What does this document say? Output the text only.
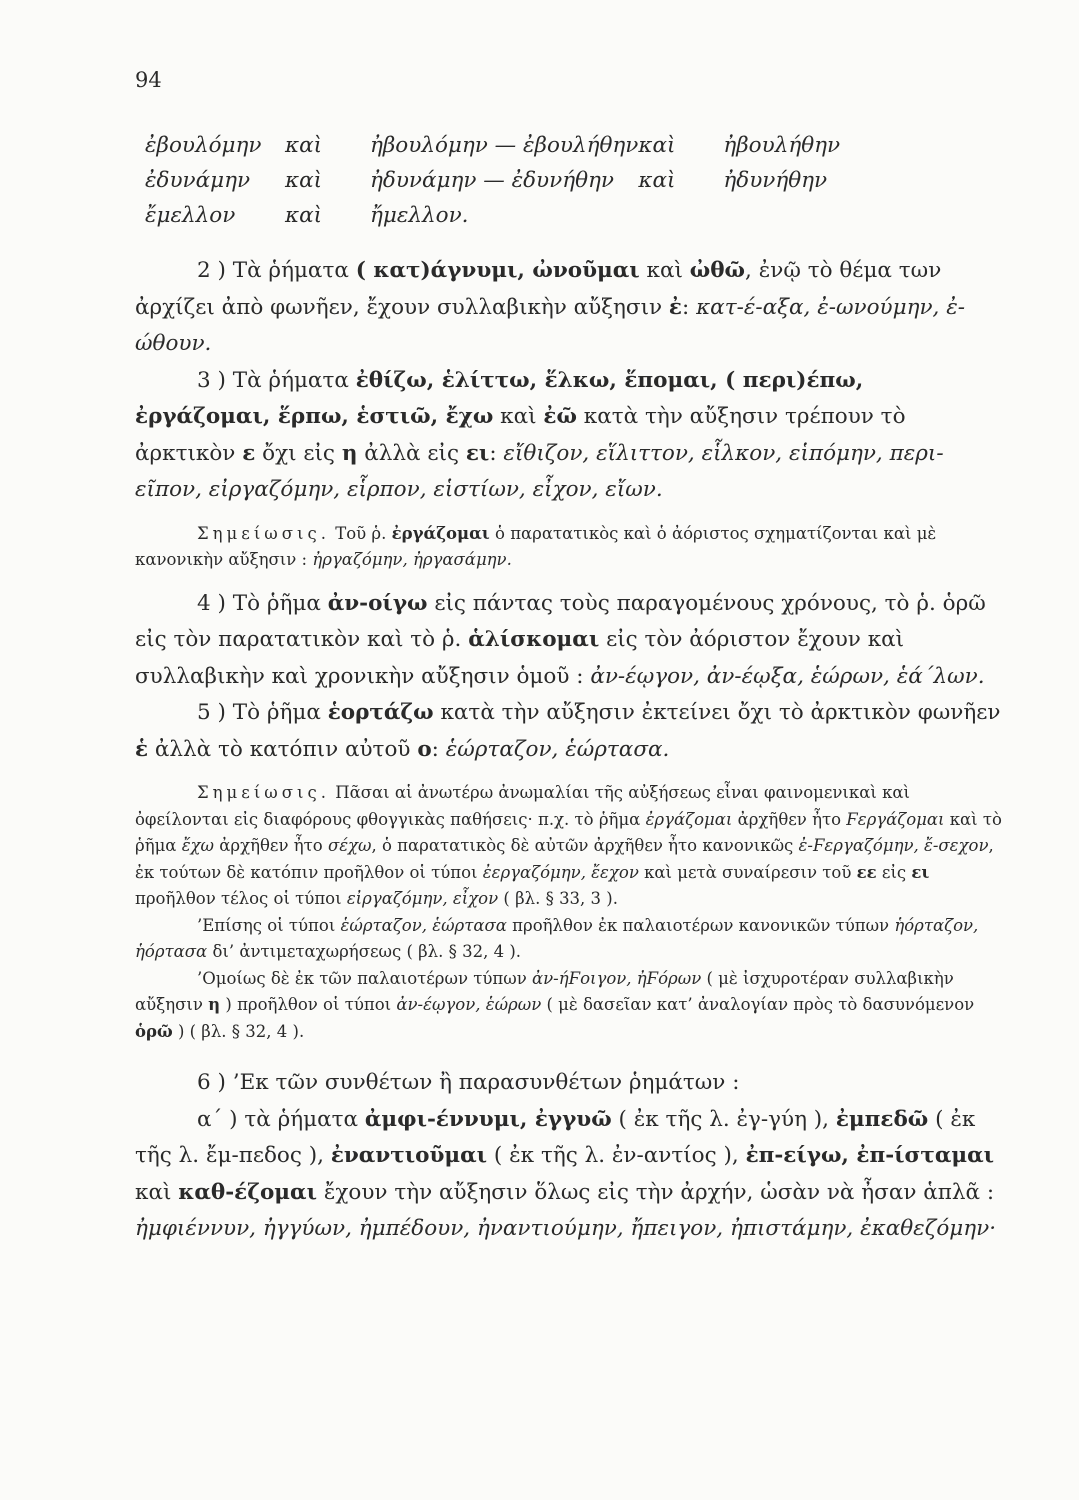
94
ἐβουλόμην	καὶ	ἠβουλόμην — ἐβουλήθην	καὶ	ἠβουλήθην
ἐδυνάμην	καὶ	ἠδυνάμην — ἐδυνήθην	καὶ	ἠδυνήθην
ἔμελλον	καὶ	ἤμελλον.		

2 ) Τὰ ῥήματα ( κατ)άγνυμι, ὠνοῦμαι καὶ ὠθῶ, ἐνῷ τὸ θέμα των ἀρχίζει ἀπὸ φωνῆεν, ἔχουν συλλαβικὴν αὔξησιν ἐ: κατ-έ-αξα, ἐ-ωνούμην, ἐ-ώθουν.

3 ) Τὰ ῥήματα ἐθίζω, ἑλίττω, ἕλκω, ἕπομαι, ( περι)έπω, ἐργάζομαι, ἕρπω, ἑστιῶ, ἔχω καὶ ἐῶ κατὰ τὴν αὔξησιν τρέπουν τὸ ἀρκτικὸν ε ὄχι εἰς η ἀλλὰ εἰς ει: εἴθιζον, εἵλιττον, εἷλκον, εἱπόμην, περι-εῖπον, εἰργαζόμην, εἷρπον, εἱστίων, εἶχον, εἴων.

Σημείωσις. Τοῦ ῥ. ἐργάζομαι ὁ παρατατικὸς καὶ ὁ ἀόριστος σχηματίζονται καὶ μὲ κανονικὴν αὔξησιν : ἠργαζόμην, ἠργασάμην.

4 ) Τὸ ῥῆμα ἀν-οίγω εἰς πάντας τοὺς παραγομένους χρόνους, τὸ ῥ. ὁρῶ εἰς τὸν παρατατικὸν καὶ τὸ ῥ. ἁλίσκομαι εἰς τὸν ἀόριστον ἔχουν καὶ συλλαβικὴν καὶ χρονικὴν αὔξησιν ὁμοῦ : ἀν-έῳγον, ἀν-έῳξα, ἑώρων, ἑά΄λων.

5 ) Τὸ ῥῆμα ἑορτάζω κατὰ τὴν αὔξησιν ἐκτείνει ὄχι τὸ ἀρκτικὸν φωνῆεν ἑ ἀλλὰ τὸ κατόπιν αὐτοῦ ο: ἑώρταζον, ἑώρτασα.

Σημείωσις. Πᾶσαι αἱ ἀνωτέρω ἀνωμαλίαι τῆς αὐξήσεως εἶναι φαινομενικαὶ καὶ ὀφείλονται εἰς διαφόρους φθογγικὰς παθήσεις· π.χ. τὸ ῥῆμα ἐργάζομαι ἀρχῆθεν ἦτο Ϝεργάζομαι καὶ τὸ ῥῆμα ἔχω ἀρχῆθεν ἦτο σέχω, ὁ παρατατικὸς δὲ αὐτῶν ἀρχῆθεν ἦτο κανονικῶς ἐ-Ϝεργαζόμην, ἔ-σεχον, ἐκ τούτων δὲ κατόπιν προῆλθον οἱ τύποι ἐεργαζόμην, ἔεχον καὶ μετὰ συναίρεσιν τοῦ εε εἰς ει προῆλθον τέλος οἱ τύποι εἰργαζόμην, εἶχον ( βλ. § 33, 3 ).

’Επίσης οἱ τύποι ἑώρταζον, ἑώρτασα προῆλθον ἐκ παλαιοτέρων κανονικῶν τύπων ἡόρταζον, ἡόρτασα δι’ ἀντιμεταχωρήσεως ( βλ. § 32, 4 ).

’Ομοίως δὲ ἐκ τῶν παλαιοτέρων τύπων ἀν-ήϜοιγον, ἠϜόρων ( μὲ ἰσχυροτέραν συλλαβικὴν αὔξησιν η ) προῆλθον οἱ τύποι ἀν-έῳγον, ἑώρων ( μὲ δασεῖαν κατ’ ἀναλογίαν πρὸς τὸ δασυνόμενον ὁρῶ ) ( βλ. § 32, 4 ).

6 ) ’Εκ τῶν συνθέτων ἢ παρασυνθέτων ῥημάτων :

α΄ ) τὰ ῥήματα ἀμφι-έννυμι, ἐγγυῶ ( ἐκ τῆς λ. ἐγ-γύη ), ἐμπεδῶ ( ἐκ τῆς λ. ἔμ-πεδος ), ἐναντιοῦμαι ( ἐκ τῆς λ. ἐν-αντίος ), ἐπ-είγω, ἐπ-ίσταμαι καὶ καθ-έζομαι ἔχουν τὴν αὔξησιν ὅλως εἰς τὴν ἀρχήν, ὡσὰν νὰ ἦσαν ἁπλᾶ : ἠμφιέννυν, ἠγγύων, ἠμπέδουν, ἠναντιούμην, ἤπειγον, ἠπιστάμην, ἐκαθεζόμην·
